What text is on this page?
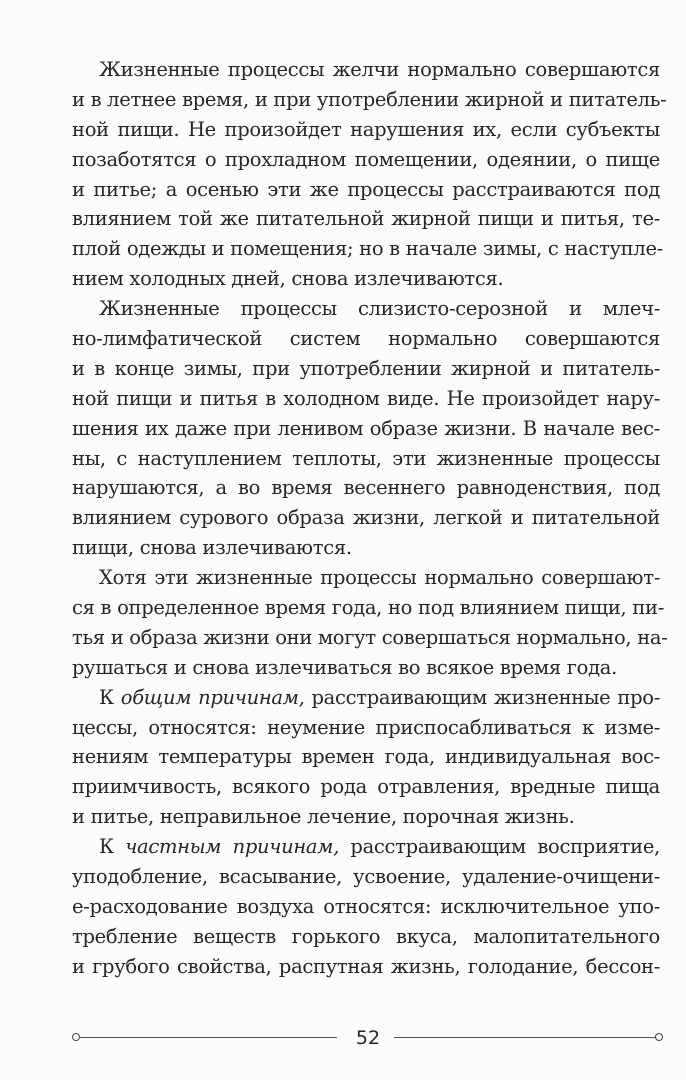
Жизненные процессы желчи нормально совершаются
и в летнее время, и при употреблении жирной и питатель-
ной пищи. Не произойдет нарушения их, если субъекты
позаботятся о прохладном помещении, одеянии, о пище
и питье; а осенью эти же процессы расстраиваются под
влиянием той же питательной жирной пищи и питья, те-
плой одежды и помещения; но в начале зимы, с наступле-
нием холодных дней, снова излечиваются.
Жизненные процессы слизисто-серозной и млеч-
но-лимфатической систем нормально совершаются
и в конце зимы, при употреблении жирной и питатель-
ной пищи и питья в холодном виде. Не произойдет нару-
шения их даже при ленивом образе жизни. В начале вес-
ны, с наступлением теплоты, эти жизненные процессы
нарушаются, а во время весеннего равноденствия, под
влиянием сурового образа жизни, легкой и питательной
пищи, снова излечиваются.
Хотя эти жизненные процессы нормально совершают-
ся в определенное время года, но под влиянием пищи, пи-
тья и образа жизни они могут совершаться нормально, на-
рушаться и снова излечиваться во всякое время года.
К общим причинам, расстраивающим жизненные про-
цессы, относятся: неумение приспосабливаться к изме-
нениям температуры времен года, индивидуальная вос-
приимчивость, всякого рода отравления, вредные пища
и питье, неправильное лечение, порочная жизнь.
К частным причинам, расстраивающим восприятие,
уподобление, всасывание, усвоение, удаление-очищени-
е-расходование воздуха относятся: исключительное упо-
требление веществ горького вкуса, малопитательного
и грубого свойства, распутная жизнь, голодание, бессон-
52
